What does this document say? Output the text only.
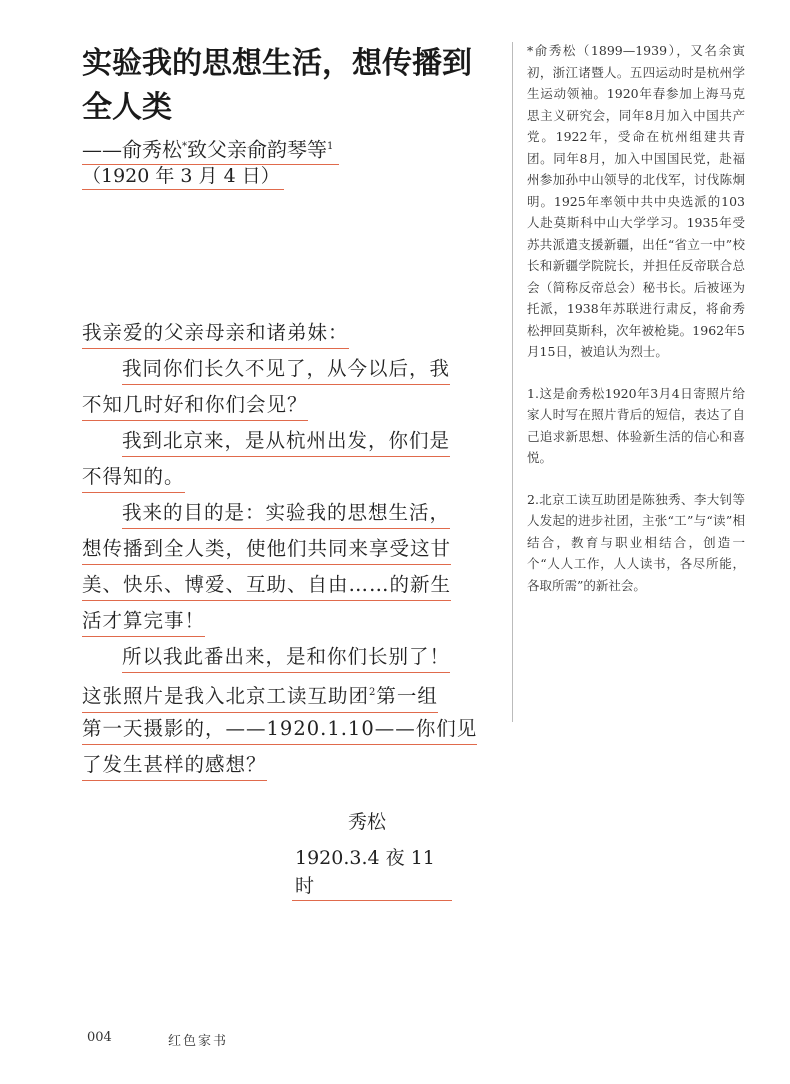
实验我的思想生活，想传播到全人类
——俞秀松*致父亲俞韵琴等$^1$
（1920 年 3 月 4 日）
我亲爱的父亲母亲和诸弟妹：
我同你们长久不见了，从今以后，我
不知几时好和你们会见？
我到北京来，是从杭州出发，你们是
不得知的。
我来的目的是：实验我的思想生活，
想传播到全人类，使他们共同来享受这甘
美、快乐、博爱、互助、自由……的新生
活才算完事！
所以我此番出来，是和你们长别了！
这张照片是我入北京工读互助团$^2$第一组
第一天摄影的，——1920.1.10——你们见
了发生甚样的感想？
秀松
1920.3.4 夜 11 时

*俞秀松（1899—1939），又名余寅初，浙江诸暨人。五四运动时是杭州学生运动领袖。1920年春参加上海马克思主义研究会，同年8月加入中国共产党。1922年，受命在杭州组建共青团。同年8月，加入中国国民党，赴福州参加孙中山领导的北伐军，讨伐陈炯明。1925年率领中共中央选派的103人赴莫斯科中山大学学习。1935年受苏共派遣支援新疆，出任“省立一中”校长和新疆学院院长，并担任反帝联合总会（简称反帝总会）秘书长。后被诬为托派，1938年苏联进行肃反，将俞秀松押回莫斯科，次年被枪毙。1962年5月15日，被追认为烈士。

1.这是俞秀松1920年3月4日寄照片给家人时写在照片背后的短信，表达了自己追求新思想、体验新生活的信心和喜悦。

2.北京工读互助团是陈独秀、李大钊等人发起的进步社团，主张“工”与“读”相结合，教育与职业相结合，创造一个“人人工作，人人读书，各尽所能，各取所需”的新社会。

004	红色家书
